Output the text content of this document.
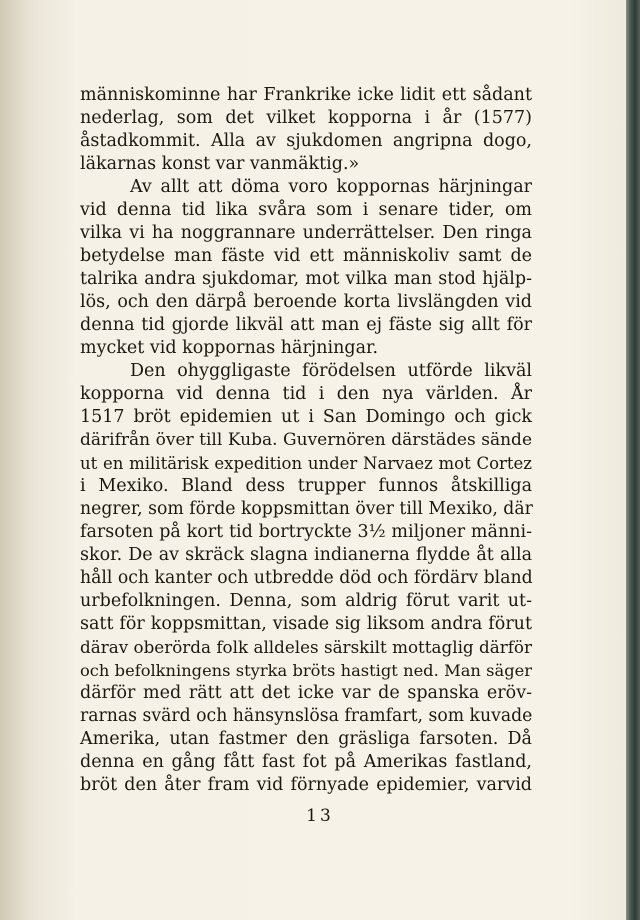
människominne har Frankrike icke lidit ett sådant
nederlag, som det vilket kopporna i år (1577)
åstadkommit. Alla av sjukdomen angripna dogo,
läkarnas konst var vanmäktig.»
Av allt att döma voro koppornas härjningar
vid denna tid lika svåra som i senare tider, om
vilka vi ha noggrannare underrättelser. Den ringa
betydelse man fäste vid ett människoliv samt de
talrika andra sjukdomar, mot vilka man stod hjälp-
lös, och den därpå beroende korta livslängden vid
denna tid gjorde likväl att man ej fäste sig allt för
mycket vid koppornas härjningar.
Den ohyggligaste förödelsen utförde likväl
kopporna vid denna tid i den nya världen. År
1517 bröt epidemien ut i San Domingo och gick
därifrån över till Kuba. Guvernören därstädes sände
ut en militärisk expedition under Narvaez mot Cortez
i Mexiko. Bland dess trupper funnos åtskilliga
negrer, som förde koppsmittan över till Mexiko, där
farsoten på kort tid bortryckte 3½ miljoner männi-
skor. De av skräck slagna indianerna flydde åt alla
håll och kanter och utbredde död och fördärv bland
urbefolkningen. Denna, som aldrig förut varit ut-
satt för koppsmittan, visade sig liksom andra förut
därav oberörda folk alldeles särskilt mottaglig därför
och befolkningens styrka bröts hastigt ned. Man säger
därför med rätt att det icke var de spanska eröv-
rarnas svärd och hänsynslösa framfart, som kuvade
Amerika, utan fastmer den gräsliga farsoten. Då
denna en gång fått fast fot på Amerikas fastland,
bröt den åter fram vid förnyade epidemier, varvid
13
